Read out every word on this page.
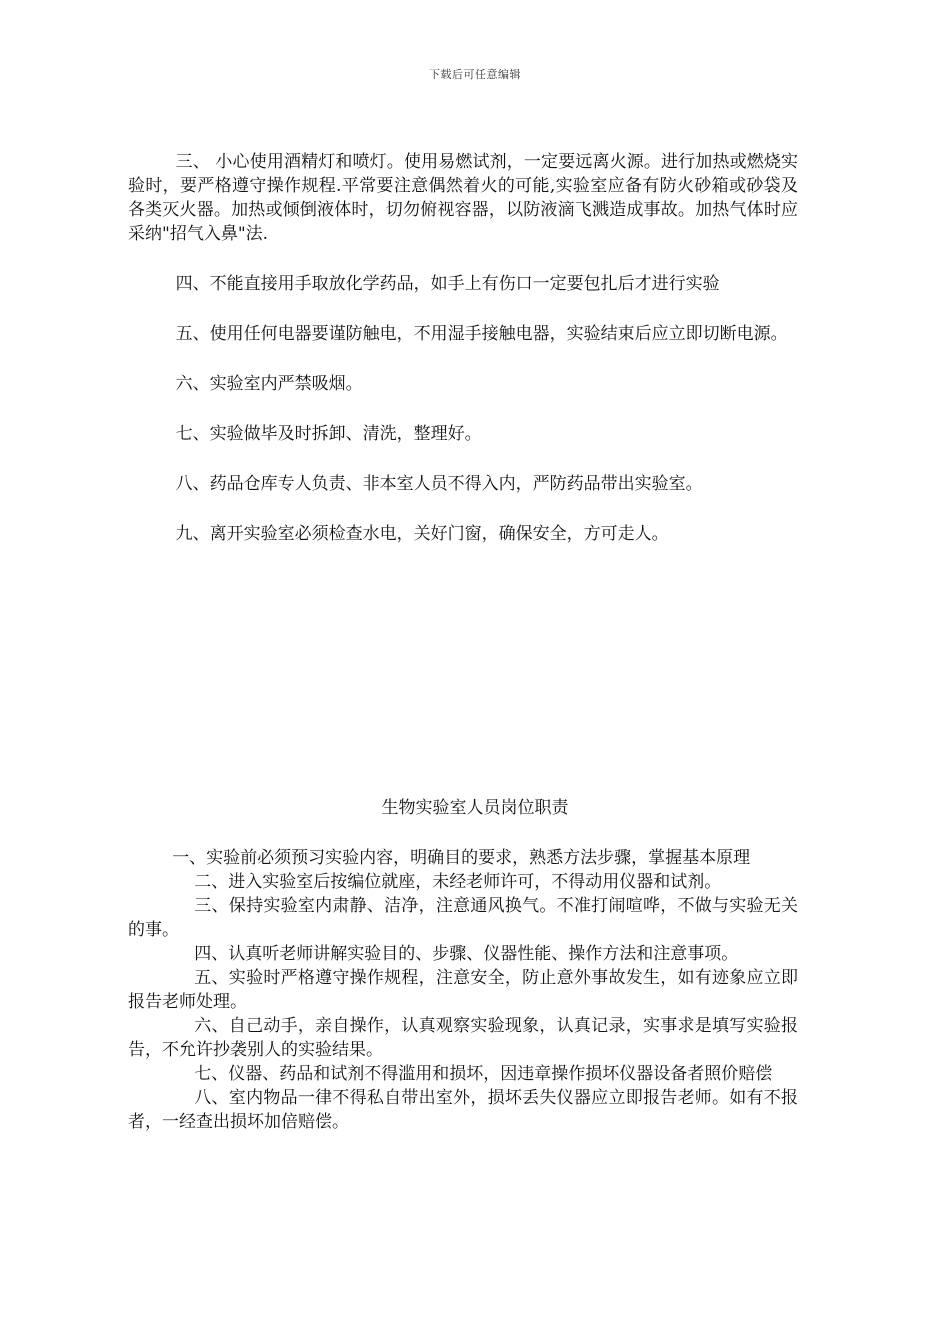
下载后可任意编辑

三、 小心使用酒精灯和喷灯。使用易燃试剂，一定要远离火源。进行加热或燃烧实验时，要严格遵守操作规程.平常要注意偶然着火的可能,实验室应备有防火砂箱或砂袋及各类灭火器。加热或倾倒液体时，切勿俯视容器，以防液滴飞溅造成事故。加热气体时应采纳"招气入鼻"法.

四、不能直接用手取放化学药品，如手上有伤口一定要包扎后才进行实验

五、使用任何电器要谨防触电，不用湿手接触电器，实验结束后应立即切断电源。

六、实验室内严禁吸烟。

七、实验做毕及时拆卸、清洗，整理好。

八、药品仓库专人负责、非本室人员不得入内，严防药品带出实验室。

九、离开实验室必须检查水电，关好门窗，确保安全，方可走人。

生物实验室人员岗位职责

一、实验前必须预习实验内容，明确目的要求，熟悉方法步骤，掌握基本原理

二、进入实验室后按编位就座，未经老师许可，不得动用仪器和试剂。

三、保持实验室内肃静、洁净，注意通风换气。不准打闹喧哗，不做与实验无关的事。

四、认真听老师讲解实验目的、步骤、仪器性能、操作方法和注意事项。

五、实验时严格遵守操作规程，注意安全，防止意外事故发生，如有迹象应立即报告老师处理。

六、自己动手，亲自操作，认真观察实验现象，认真记录，实事求是填写实验报告，不允许抄袭别人的实验结果。

七、仪器、药品和试剂不得滥用和损坏，因违章操作损坏仪器设备者照价赔偿

八、室内物品一律不得私自带出室外，损坏丢失仪器应立即报告老师。如有不报者，一经查出损坏加倍赔偿。
